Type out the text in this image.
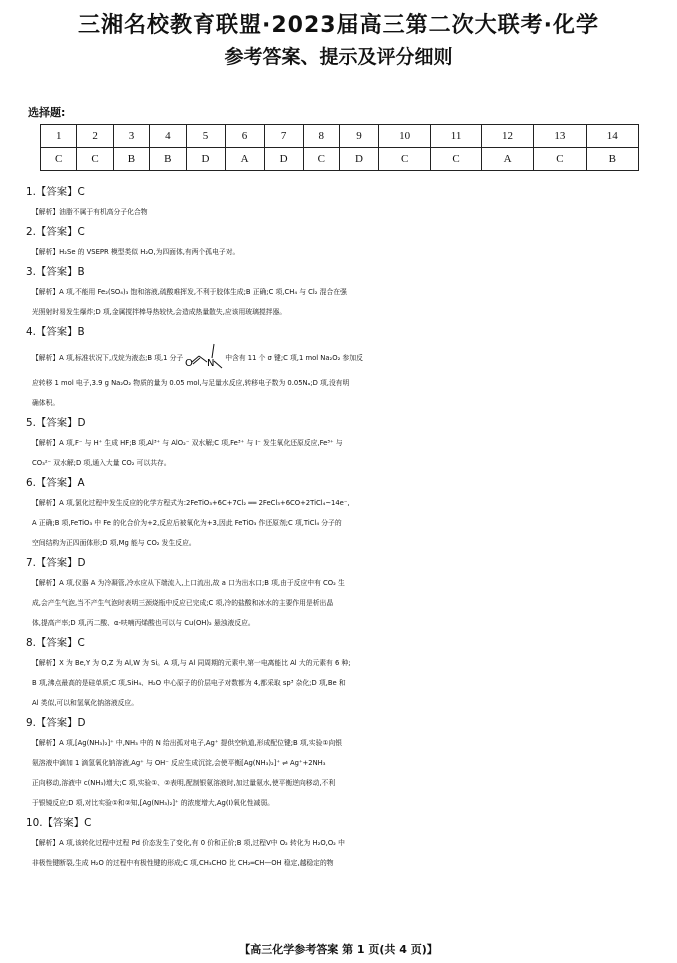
三湘名校教育联盟·2023届高三第二次大联考·化学
参考答案、提示及评分细则
选择题:
1	2	3	4	5	6	7	8	9	10	11	12	13	14
C	C	B	B	D	A	D	C	D	C	C	A	C	B
1.【答案】C
【解析】油脂不属于有机高分子化合物
2.【答案】C
【解析】H₂Se 的 VSEPR 模型类似 H₂O,为四面体,有两个孤电子对。
3.【答案】B
【解析】A 项,不能用 Fe₂(SO₄)₃ 饱和溶液,硫酸难挥发,不利于胶体生成;B 正确;C 项,CH₄ 与 Cl₂ 混合在强
光照射时易发生爆炸;D 项,金属搅拌棒导热较快,会造成热量散失,应该用玻璃搅拌器。
4.【答案】B
【解析】A 项,标准状况下,戊烷为液态;B 项,1 分子 O N 中含有 11 个 σ 键;C 项,1 mol Na₂O₂ 参加反
应转移 1 mol 电子,3.9 g Na₂O₂ 物质的量为 0.05 mol,与足量水反应,转移电子数为 0.05Nₐ;D 项,没有明
确体积。
5.【答案】D
【解析】A 项,F⁻ 与 H⁺ 生成 HF;B 项,Al³⁺ 与 AlO₂⁻ 双水解;C 项,Fe³⁺ 与 I⁻ 发生氧化还原反应,Fe³⁺ 与
CO₃²⁻ 双水解;D 项,通入大量 CO₂ 可以共存。
6.【答案】A
【解析】A 项,氯化过程中发生反应的化学方程式为:2FeTiO₃+6C+7Cl₂ ══ 2FeCl₃+6CO+2TiCl₄~14e⁻,
A 正确;B 项,FeTiO₃ 中 Fe 的化合价为+2,反应后被氧化为+3,因此 FeTiO₃ 作还原剂;C 项,TiCl₄ 分子的
空间结构为正四面体形;D 项,Mg 能与 CO₂ 发生反应。
7.【答案】D
【解析】A 项,仪器 A 为冷凝管,冷水应从下端流入,上口流出,故 a 口为出水口;B 项,由于反应中有 CO₂ 生
成,会产生气泡,当不产生气泡时表明三颈烧瓶中反应已完成;C 项,冷的盐酸和冰水的主要作用是析出晶
体,提高产率;D 项,丙二酸、α-呋喃丙烯酸也可以与 Cu(OH)₂ 悬浊液反应。
8.【答案】C
【解析】X 为 Be,Y 为 O,Z 为 Al,W 为 Si。A 项,与 Al 同周期的元素中,第一电离能比 Al 大的元素有 6 种;
B 项,沸点最高的是硅单质;C 项,SiH₄、H₂O 中心原子的价层电子对数都为 4,都采取 sp³ 杂化;D 项,Be 和
Al 类似,可以和氢氧化钠溶液反应。
9.【答案】D
【解析】A 项,[Ag(NH₃)₂]⁺ 中,NH₃ 中的 N 给出孤对电子,Ag⁺ 提供空轨道,形成配位键;B 项,实验①向银
氨溶液中滴加 1 滴氢氧化钠溶液,Ag⁺ 与 OH⁻ 反应生成沉淀,会使平衡[Ag(NH₃)₂]⁺ ⇌ Ag⁺+2NH₃
正向移动,溶液中 c(NH₃)增大;C 项,实验①、②表明,配制银氨溶液时,加过量氨水,使平衡逆向移动,不利
于银镜反应;D 项,对比实验①和②知,[Ag(NH₃)₂]⁺ 的浓度增大,Ag(Ⅰ)氧化性减弱。
10.【答案】C
【解析】A 项,该转化过程中过程 Pd 价态发生了变化,有 0 价和正价;B 项,过程Ⅴ中 O₂ 转化为 H₂O,O₂ 中
非极性键断裂,生成 H₂O 的过程中有极性键的形成;C 项,CH₃CHO 比 CH₂═CH—OH 稳定,越稳定的物
【高三化学参考答案 第 1 页(共 4 页)】
